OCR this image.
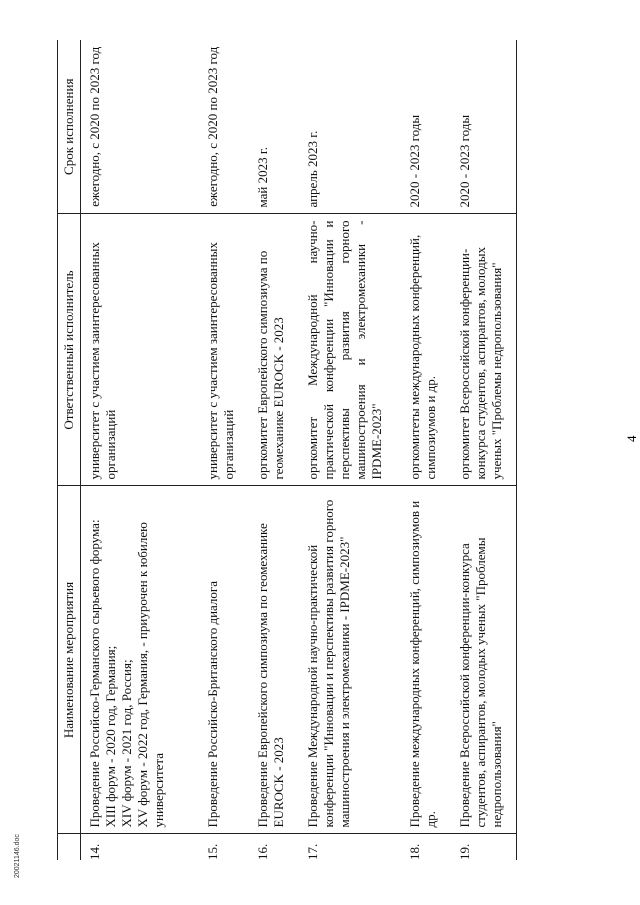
4
	Наименование мероприятия	Ответственный исполнитель	Срок исполнения
14.	Проведение Российско-Германского сырьевого форума:
XIII форум - 2020 год, Германия;
XIV форум - 2021 год, Россия;
XV форум - 2022 год, Германия, - приурочен к юбилею университета	университет с участием заинтересованных организаций	ежегодно, с 2020 по 2023 год
15.	Проведение Российско-Британского диалога	университет с участием заинтересованных организаций	ежегодно, с 2020 по 2023 год
16.	Проведение Европейского симпозиума по геомеханике EUROCK - 2023	оргкомитет Европейского симпозиума по геомеханике EUROCK - 2023	май 2023 г.
17.	Проведение Международной научно-практической конференции "Инновации и перспективы развития горного машиностроения и электромеханики - IPDME-2023"	оргкомитет Международной научно-практической конференции "Инновации и перспективы развития горного машиностроения и электромеханики - IPDME-2023"	апрель 2023 г.
18.	Проведение международных конференций, симпозиумов и др.	оргкомитеты международных конференций, симпозиумов и др.	2020 - 2023 годы
19.	Проведение Всероссийской конференции-конкурса студентов, аспирантов, молодых ученых "Проблемы недропользования"	оргкомитет Всероссийской конференции-конкурса студентов, аспирантов, молодых ученых "Проблемы недропользования"	2020 - 2023 годы
20021146.doc
